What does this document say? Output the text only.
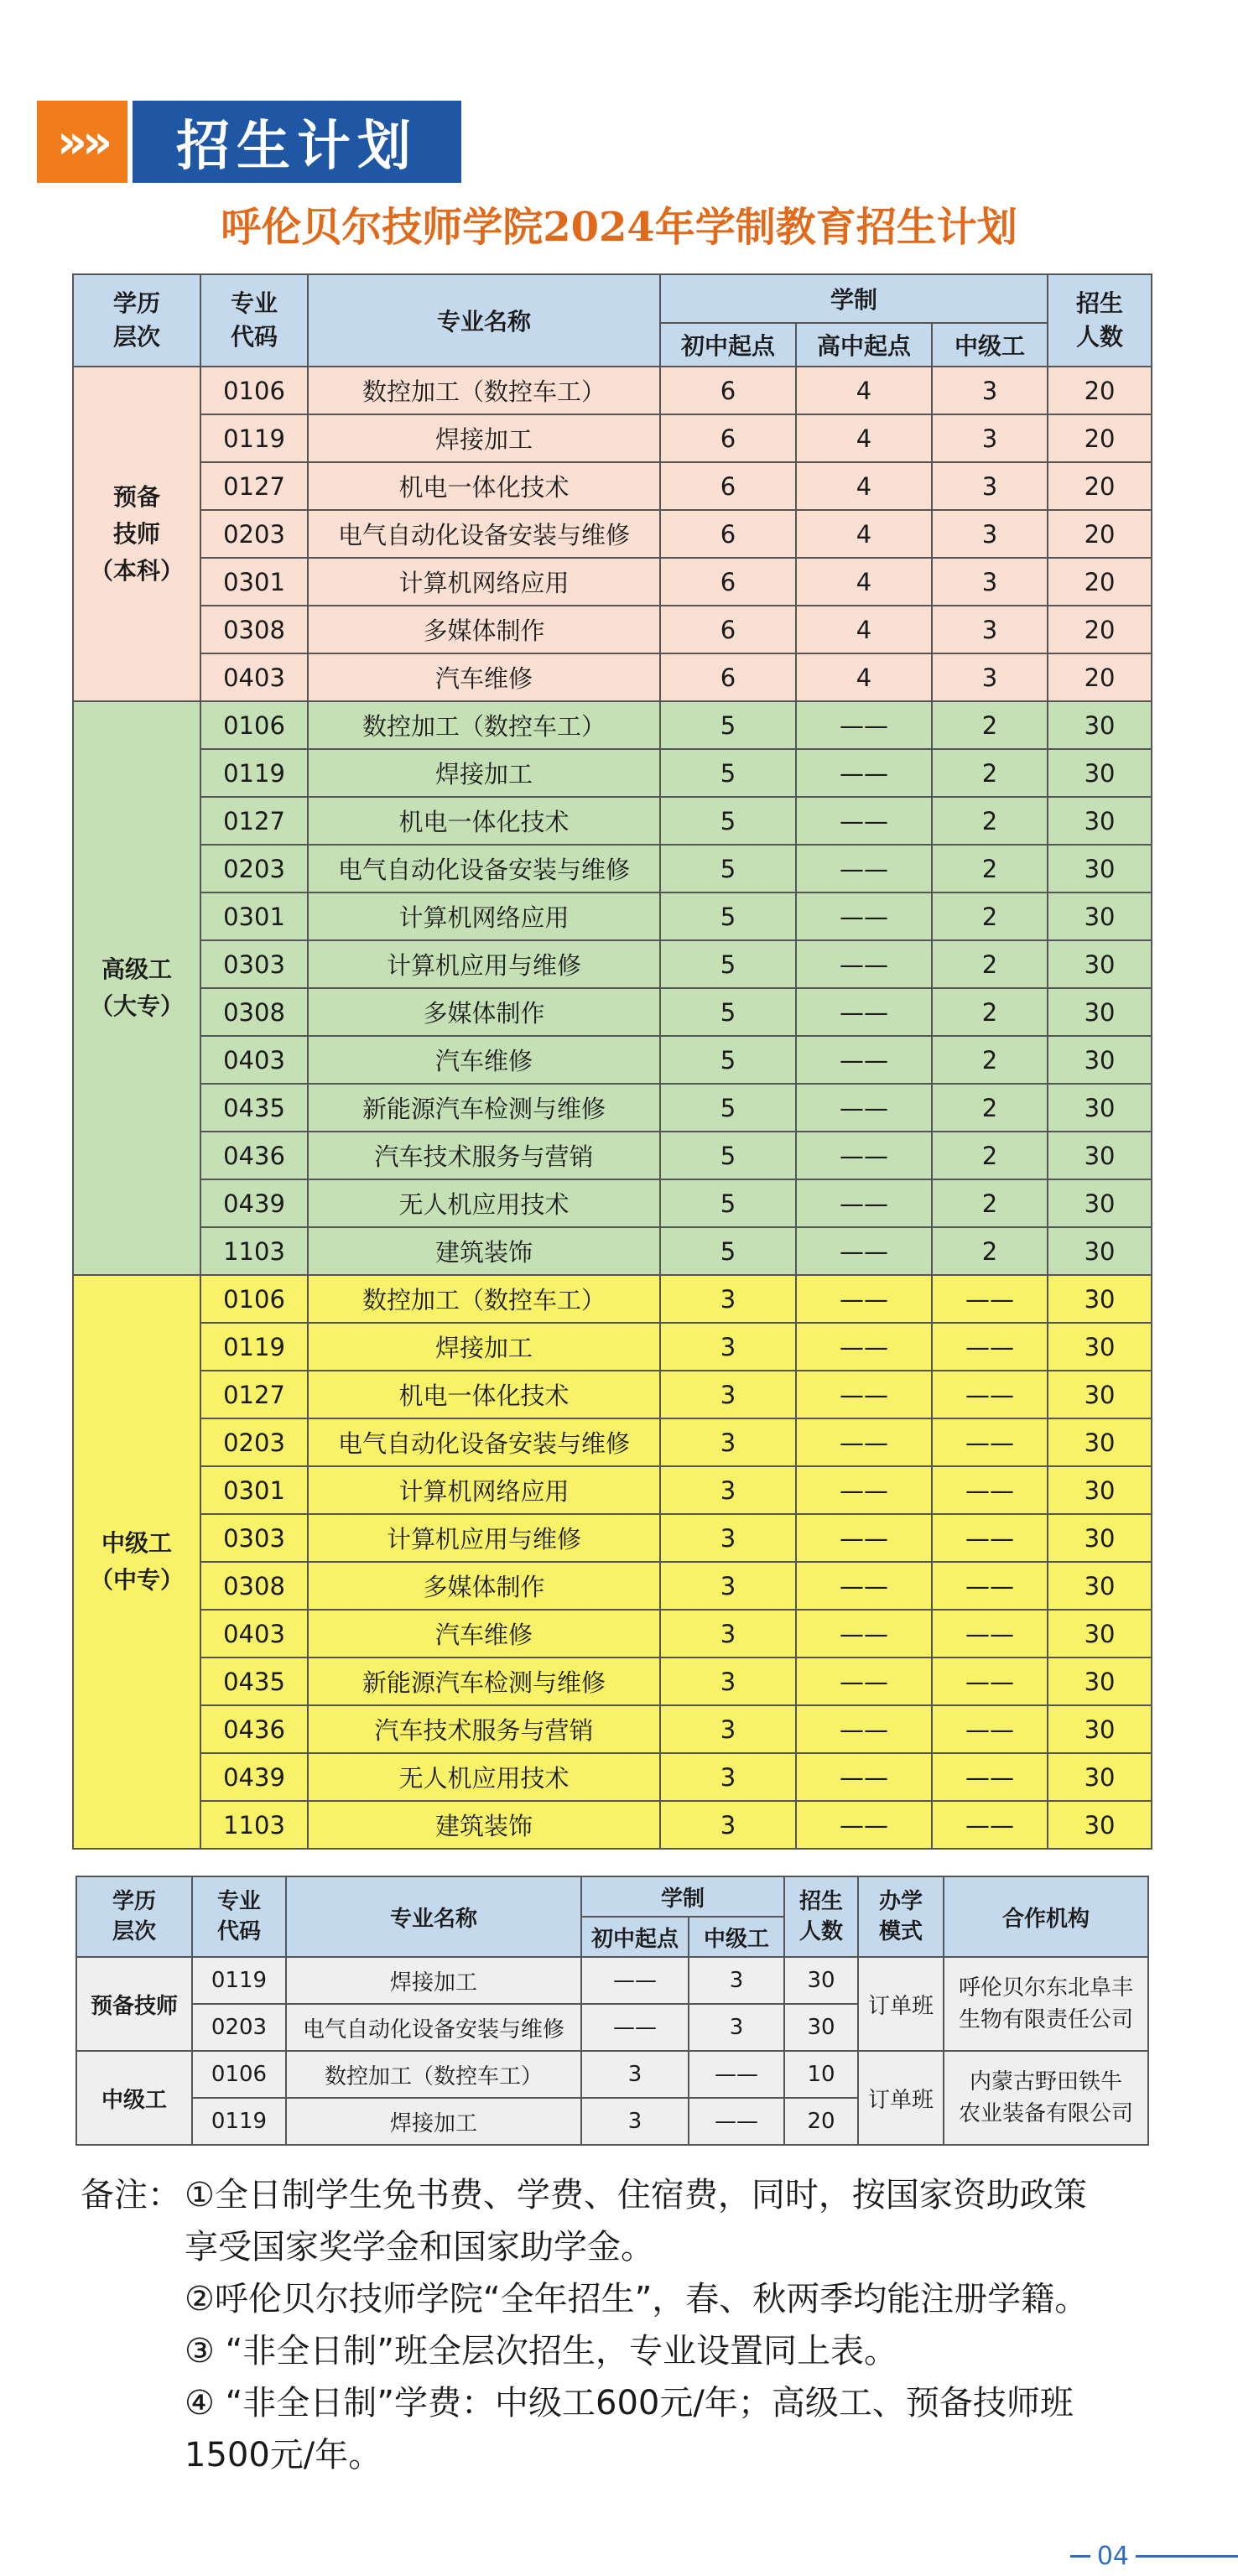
»»	招生计划
呼伦贝尔技师学院2024年学制教育招生计划
学历层次	专业代码	专业名称	学制			招生人数
			初中起点	高中起点	中级工	

预备
技师
（本科）	0106	数控加工（数控车工）	6	4	3	20
	0119	焊接加工	6	4	3	20
	0127	机电一体化技术	6	4	3	20
	0203	电气自动化设备安装与维修	6	4	3	20
	0301	计算机网络应用	6	4	3	20
	0308	多媒体制作	6	4	3	20
	0403	汽车维修	6	4	3	20

高级工
（大专）	0106	数控加工（数控车工）	5	——	2	30
	0119	焊接加工	5	——	2	30
	0127	机电一体化技术	5	——	2	30
	0203	电气自动化设备安装与维修	5	——	2	30
	0301	计算机网络应用	5	——	2	30
	0303	计算机应用与维修	5	——	2	30
	0308	多媒体制作	5	——	2	30
	0403	汽车维修	5	——	2	30
	0435	新能源汽车检测与维修	5	——	2	30
	0436	汽车技术服务与营销	5	——	2	30
	0439	无人机应用技术	5	——	2	30
	1103	建筑装饰	5	——	2	30

中级工
（中专）	0106	数控加工（数控车工）	3	——	——	30
	0119	焊接加工	3	——	——	30
	0127	机电一体化技术	3	——	——	30
	0203	电气自动化设备安装与维修	3	——	——	30
	0301	计算机网络应用	3	——	——	30
	0303	计算机应用与维修	3	——	——	30
	0308	多媒体制作	3	——	——	30
	0403	汽车维修	3	——	——	30
	0435	新能源汽车检测与维修	3	——	——	30
	0436	汽车技术服务与营销	3	——	——	30
	0439	无人机应用技术	3	——	——	30
	1103	建筑装饰	3	——	——	30
学历层次	专业代码	专业名称	学制		招生人数	办学模式	合作机构
			初中起点	中级工			
预备技师	0119	焊接加工	——	3	30	订单班	呼伦贝尔东北阜丰
生物有限责任公司

	0203	电气自动化设备安装与维修	——	3	30		
中级工	0106	数控加工（数控车工）	3	——	10	订单班	内蒙古野田铁牛
农业装备有限公司

	0119	焊接加工	3	——	20		
备注： ①全日制学生免书费、学费、住宿费，同时，按国家资助政策
享受国家奖学金和国家助学金。
②呼伦贝尔技师学院“全年招生”，春、秋两季均能注册学籍。
③ “非全日制”班全层次招生，专业设置同上表。
④ “非全日制”学费：中级工600元/年；高级工、预备技师班
1500元/年。
04
